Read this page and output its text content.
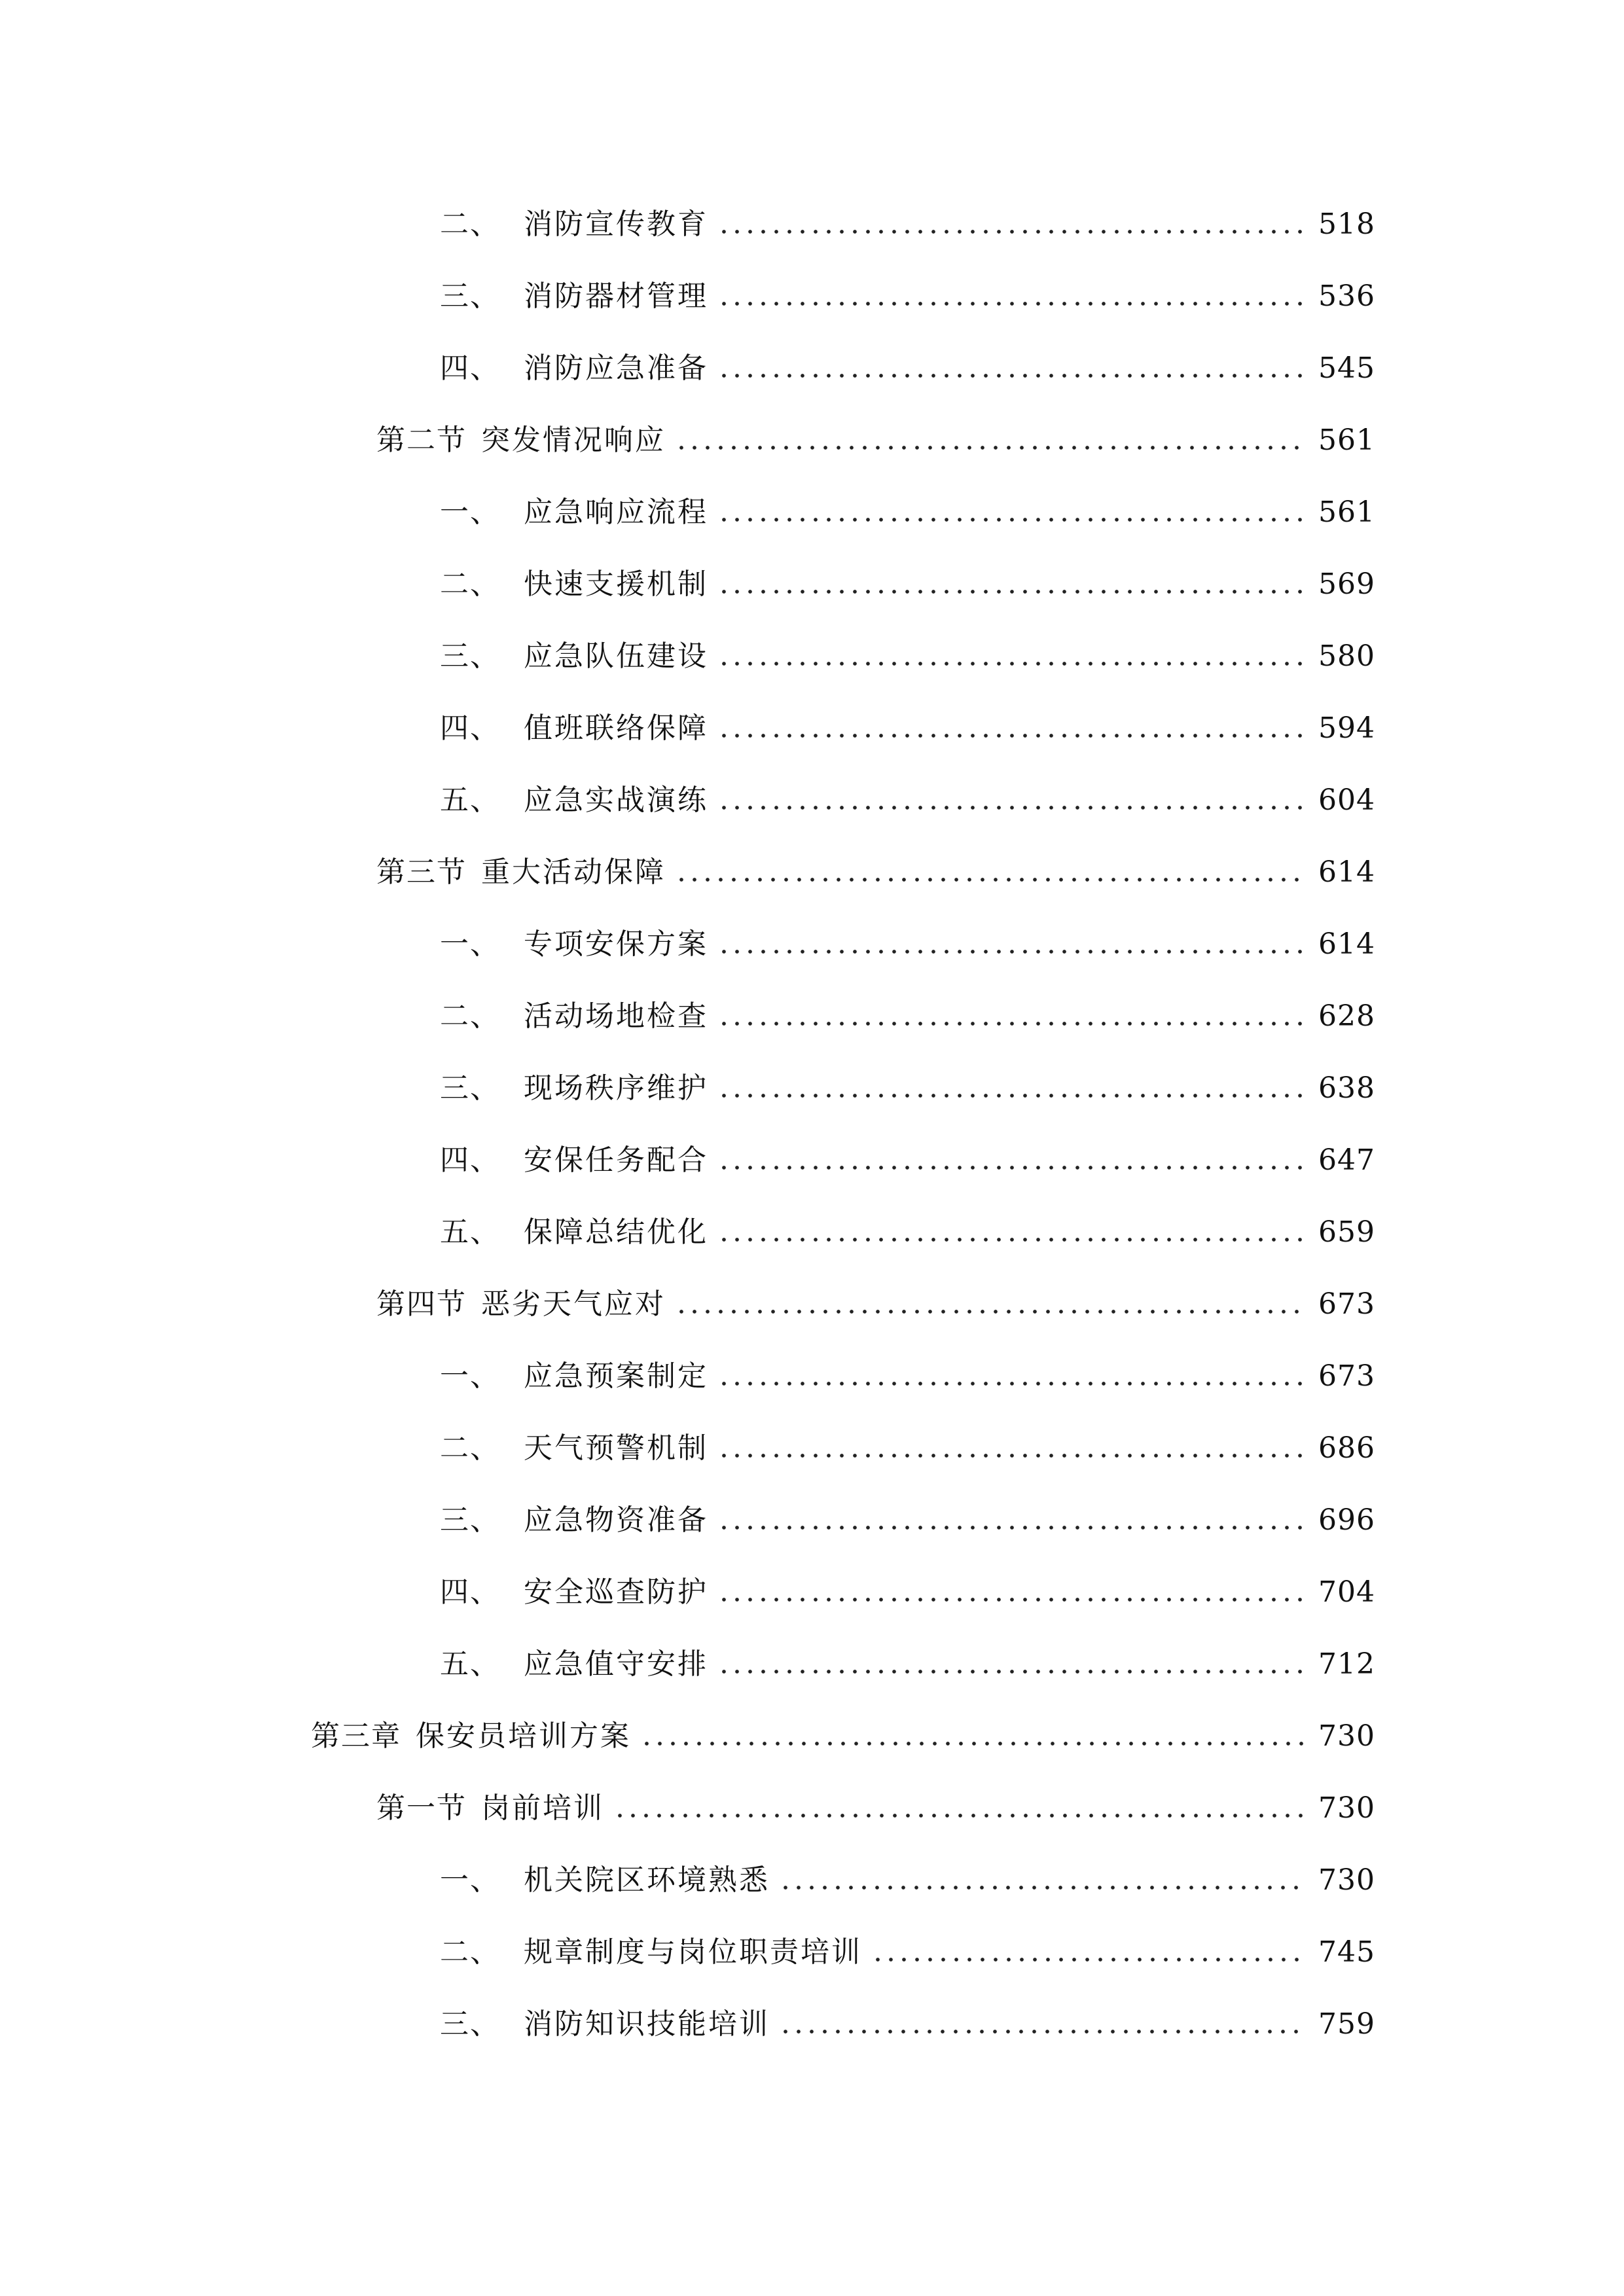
二、 消防宣传教育	518
三、 消防器材管理	536
四、 消防应急准备	545
第二节 突发情况响应	561
一、 应急响应流程	561
二、 快速支援机制	569
三、 应急队伍建设	580
四、 值班联络保障	594
五、 应急实战演练	604
第三节 重大活动保障	614
一、 专项安保方案	614
二、 活动场地检查	628
三、 现场秩序维护	638
四、 安保任务配合	647
五、 保障总结优化	659
第四节 恶劣天气应对	673
一、 应急预案制定	673
二、 天气预警机制	686
三、 应急物资准备	696
四、 安全巡查防护	704
五、 应急值守安排	712
第三章 保安员培训方案	730
第一节 岗前培训	730
一、 机关院区环境熟悉	730
二、 规章制度与岗位职责培训	745
三、 消防知识技能培训	759
